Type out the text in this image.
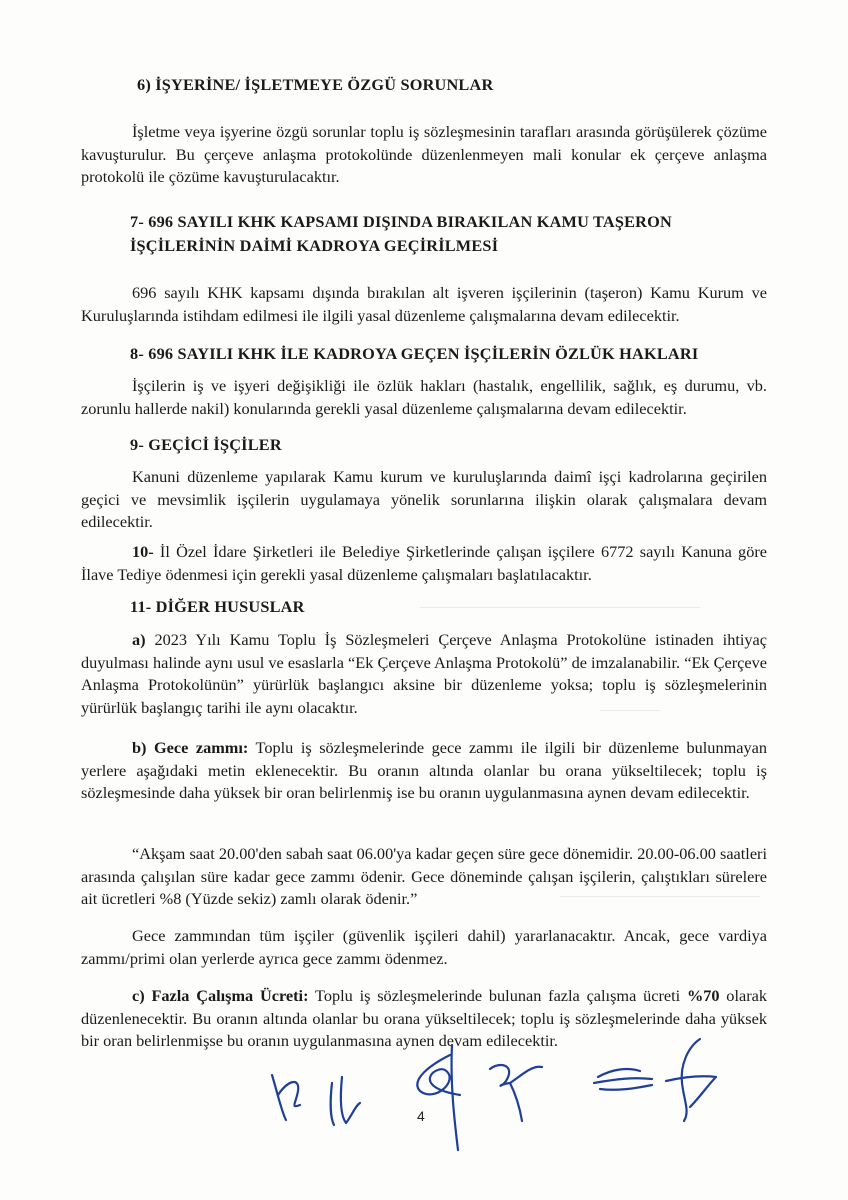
6) İŞYERİNE/ İŞLETMEYE ÖZGÜ SORUNLAR

İşletme veya işyerine özgü sorunlar toplu iş sözleşmesinin tarafları arasında görüşülerek çözüme kavuşturulur. Bu çerçeve anlaşma protokolünde düzenlenmeyen mali konular ek çerçeve anlaşma protokolü ile çözüme kavuşturulacaktır.

7- 696 SAYILI KHK KAPSAMI DIŞINDA BIRAKILAN KAMU TAŞERON

İŞÇİLERİNİN DAİMİ KADROYA GEÇİRİLMESİ

696 sayılı KHK kapsamı dışında bırakılan alt işveren işçilerinin (taşeron) Kamu Kurum ve Kuruluşlarında istihdam edilmesi ile ilgili yasal düzenleme çalışmalarına devam edilecektir.

8- 696 SAYILI KHK İLE KADROYA GEÇEN İŞÇİLERİN ÖZLÜK HAKLARI

İşçilerin iş ve işyeri değişikliği ile özlük hakları (hastalık, engellilik, sağlık, eş durumu, vb. zorunlu hallerde nakil) konularında gerekli yasal düzenleme çalışmalarına devam edilecektir.

9- GEÇİCİ İŞÇİLER

Kanuni düzenleme yapılarak Kamu kurum ve kuruluşlarında daimî işçi kadrolarına geçirilen geçici ve mevsimlik işçilerin uygulamaya yönelik sorunlarına ilişkin olarak çalışmalara devam edilecektir.

10- İl Özel İdare Şirketleri ile Belediye Şirketlerinde çalışan işçilere 6772 sayılı Kanuna göre İlave Tediye ödenmesi için gerekli yasal düzenleme çalışmaları başlatılacaktır.

11- DİĞER HUSUSLAR

a) 2023 Yılı Kamu Toplu İş Sözleşmeleri Çerçeve Anlaşma Protokolüne istinaden ihtiyaç duyulması halinde aynı usul ve esaslarla “Ek Çerçeve Anlaşma Protokolü” de imzalanabilir. “Ek Çerçeve Anlaşma Protokolünün” yürürlük başlangıcı aksine bir düzenleme yoksa; toplu iş sözleşmelerinin yürürlük başlangıç tarihi ile aynı olacaktır.

b) Gece zammı: Toplu iş sözleşmelerinde gece zammı ile ilgili bir düzenleme bulunmayan yerlere aşağıdaki metin eklenecektir. Bu oranın altında olanlar bu orana yükseltilecek; toplu iş sözleşmesinde daha yüksek bir oran belirlenmiş ise bu oranın uygulanmasına aynen devam edilecektir.

“Akşam saat 20.00'den sabah saat 06.00'ya kadar geçen süre gece dönemidir. 20.00-06.00 saatleri arasında çalışılan süre kadar gece zammı ödenir. Gece döneminde çalışan işçilerin, çalıştıkları sürelere ait ücretleri %8 (Yüzde sekiz) zamlı olarak ödenir.”

Gece zammından tüm işçiler (güvenlik işçileri dahil) yararlanacaktır. Ancak, gece vardiya zammı/primi olan yerlerde ayrıca gece zammı ödenmez.

c) Fazla Çalışma Ücreti: Toplu iş sözleşmelerinde bulunan fazla çalışma ücreti %70 olarak düzenlenecektir. Bu oranın altında olanlar bu orana yükseltilecek; toplu iş sözleşmelerinde daha yüksek bir oran belirlenmişse bu oranın uygulanmasına aynen devam edilecektir.

4
